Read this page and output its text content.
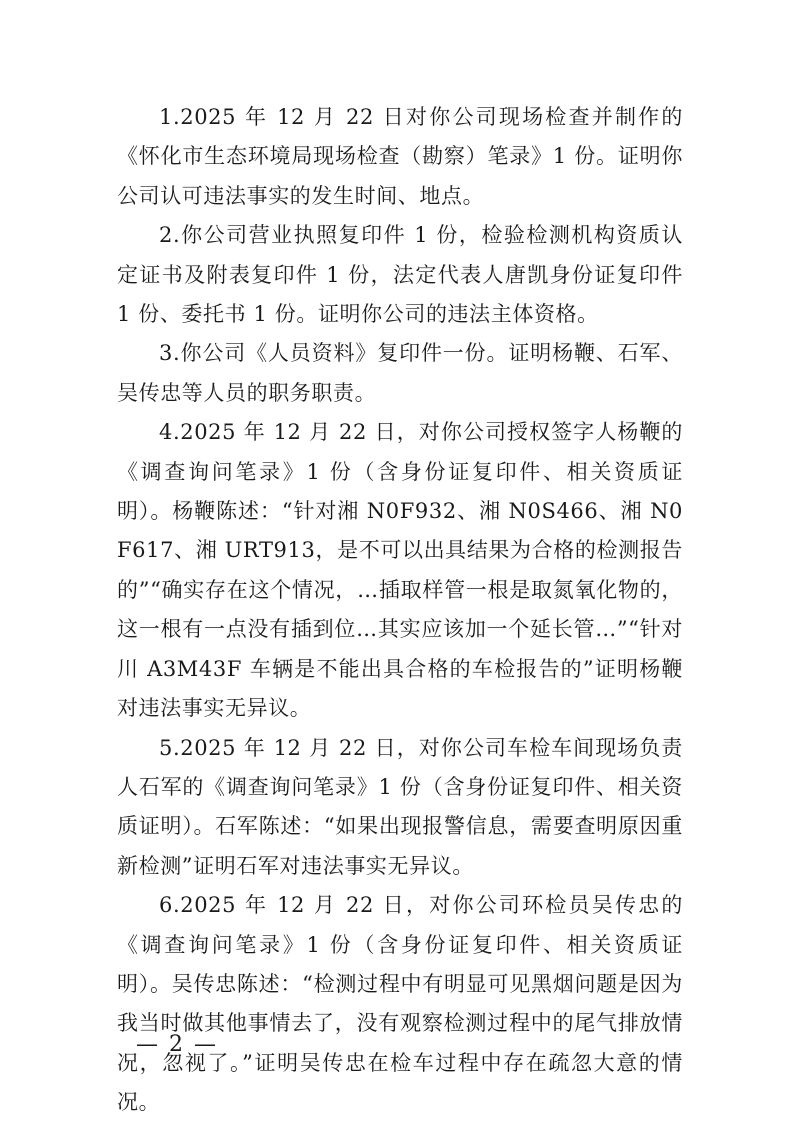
1.2025 年 12 月 22 日对你公司现场检查并制作的《怀化市生态环境局现场检查（勘察）笔录》1 份。证明你公司认可违法事实的发生时间、地点。

2.你公司营业执照复印件 1 份，检验检测机构资质认定证书及附表复印件 1 份，法定代表人唐凯身份证复印件 1 份、委托书 1 份。证明你公司的违法主体资格。

3.你公司《人员资料》复印件一份。证明杨鞭、石军、吴传忠等人员的职务职责。

4.2025 年 12 月 22 日，对你公司授权签字人杨鞭的《调查询问笔录》1 份（含身份证复印件、相关资质证明）。杨鞭陈述：“针对湘 N0F932、湘 N0S466、湘 N0F617、湘 URT913，是不可以出具结果为合格的检测报告的”“确实存在这个情况，…插取样管一根是取氮氧化物的，这一根有一点没有插到位…其实应该加一个延长管…”“针对川 A3M43F 车辆是不能出具合格的车检报告的”证明杨鞭对违法事实无异议。

5.2025 年 12 月 22 日，对你公司车检车间现场负责人石军的《调查询问笔录》1 份（含身份证复印件、相关资质证明）。石军陈述：“如果出现报警信息，需要查明原因重新检测”证明石军对违法事实无异议。

6.2025 年 12 月 22 日，对你公司环检员吴传忠的《调查询问笔录》1 份（含身份证复印件、相关资质证明）。吴传忠陈述：“检测过程中有明显可见黑烟问题是因为我当时做其他事情去了，没有观察检测过程中的尾气排放情况，忽视了。”证明吴传忠在检车过程中存在疏忽大意的情况。

— 2 —
